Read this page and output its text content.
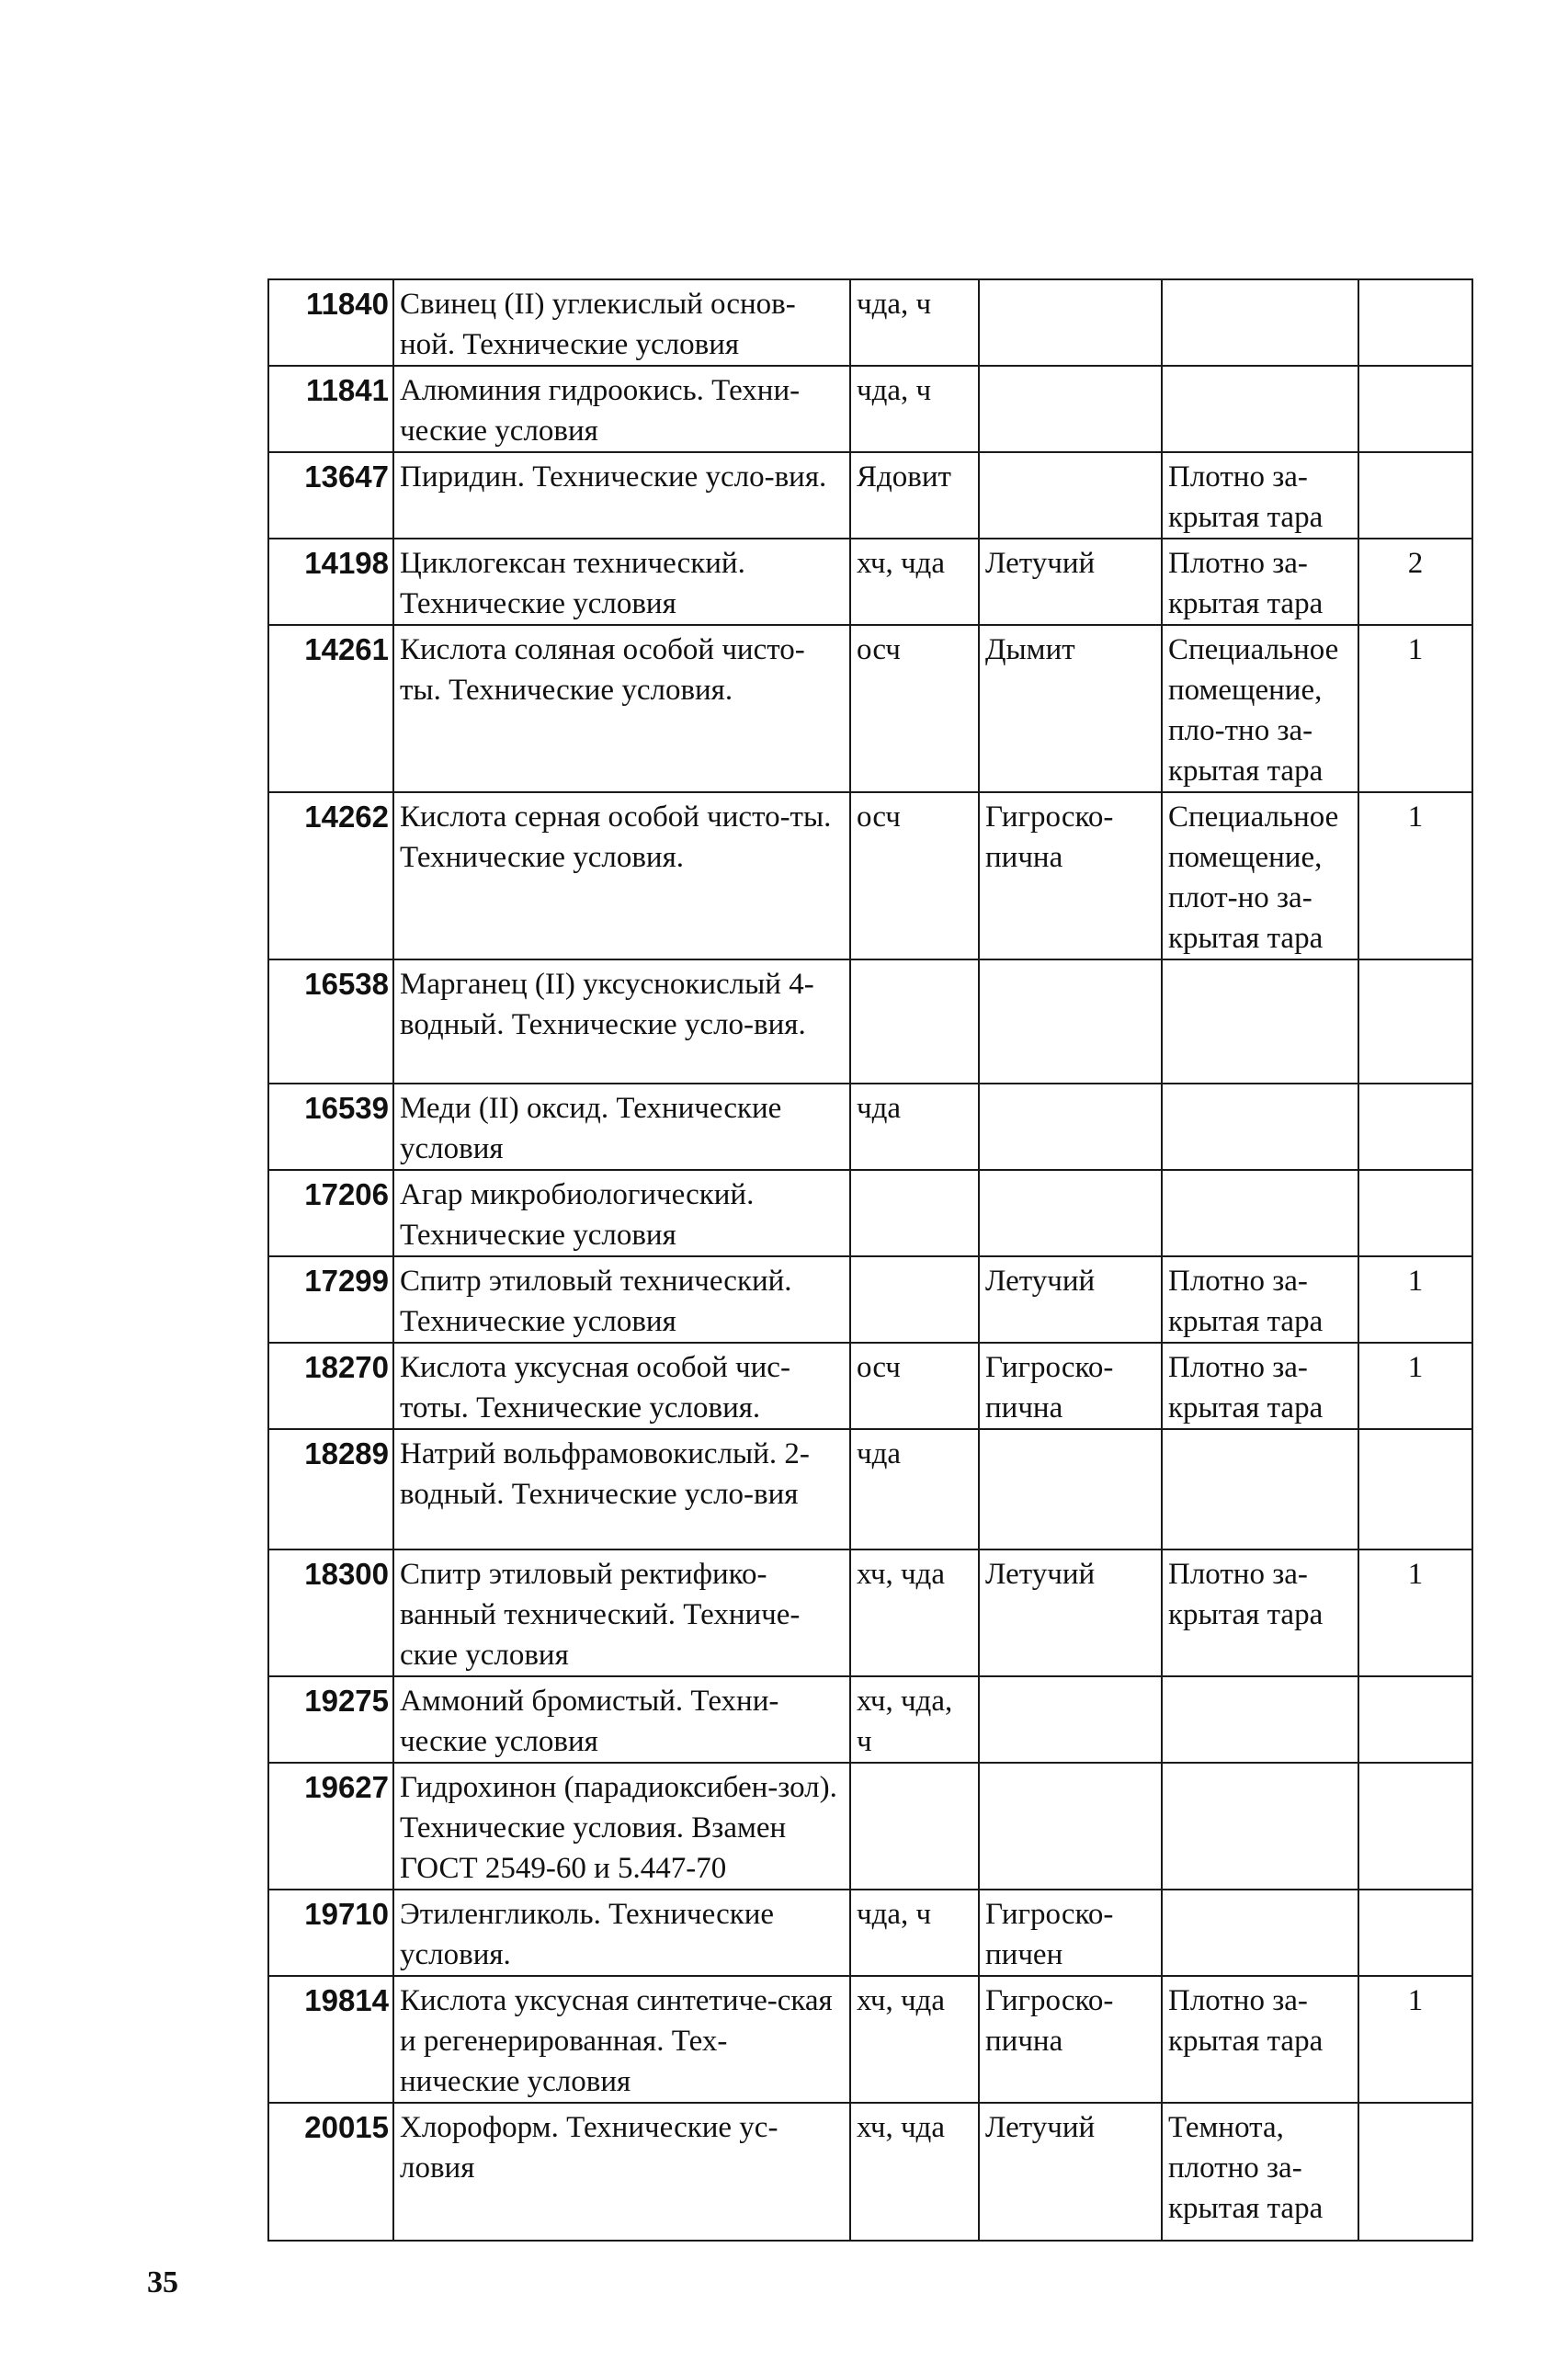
11840	Свинец (II) углекислый основ-ной. Технические условия	чда, ч			
11841	Алюминия гидроокись. Техни-ческие условия	чда, ч			
13647	Пиридин. Технические усло-вия.	Ядовит		Плотно за-крытая тара	
14198	Циклогексан технический. Технические условия	хч, чда	Летучий	Плотно за-крытая тара	2
14261	Кислота соляная особой чисто-ты. Технические условия.	осч	Дымит	Специальное помещение, пло-тно за-крытая тара	1
14262	Кислота серная особой чисто-ты. Технические условия.	осч	Гигроско-пична	Специальное помещение, плот-но за-крытая тара	1
16538	Марганец (II) уксуснокислый 4-водный. Технические усло-вия.				
16539	Меди (II) оксид. Технические условия	чда			
17206	Агар микробиологический. Технические условия				
17299	Спитр этиловый технический. Технические условия		Летучий	Плотно за-крытая тара	1
18270	Кислота уксусная особой чис-тоты. Технические условия.	осч	Гигроско-пична	Плотно за-крытая тара	1
18289	Натрий вольфрамовокислый. 2-водный. Технические усло-вия	чда			
18300	Спитр этиловый ректифико-ванный технический. Техниче-ские условия	хч, чда	Летучий	Плотно за-крытая тара	1
19275	Аммоний бромистый. Техни-ческие условия	хч, чда, ч			
19627	Гидрохинон (парадиоксибен-зол). Технические условия. Взамен ГОСТ 2549-60 и 5.447-70				
19710	Этиленгликоль. Технические условия.	чда, ч	Гигроско-пичен		
19814	Кислота уксусная синтетиче-ская и регенерированная. Тех-нические условия	хч, чда	Гигроско-пична	Плотно за-крытая тара	1
20015	Хлороформ. Технические ус-ловия	хч, чда	Летучий	Темнота, плотно за-крытая тара	
35
